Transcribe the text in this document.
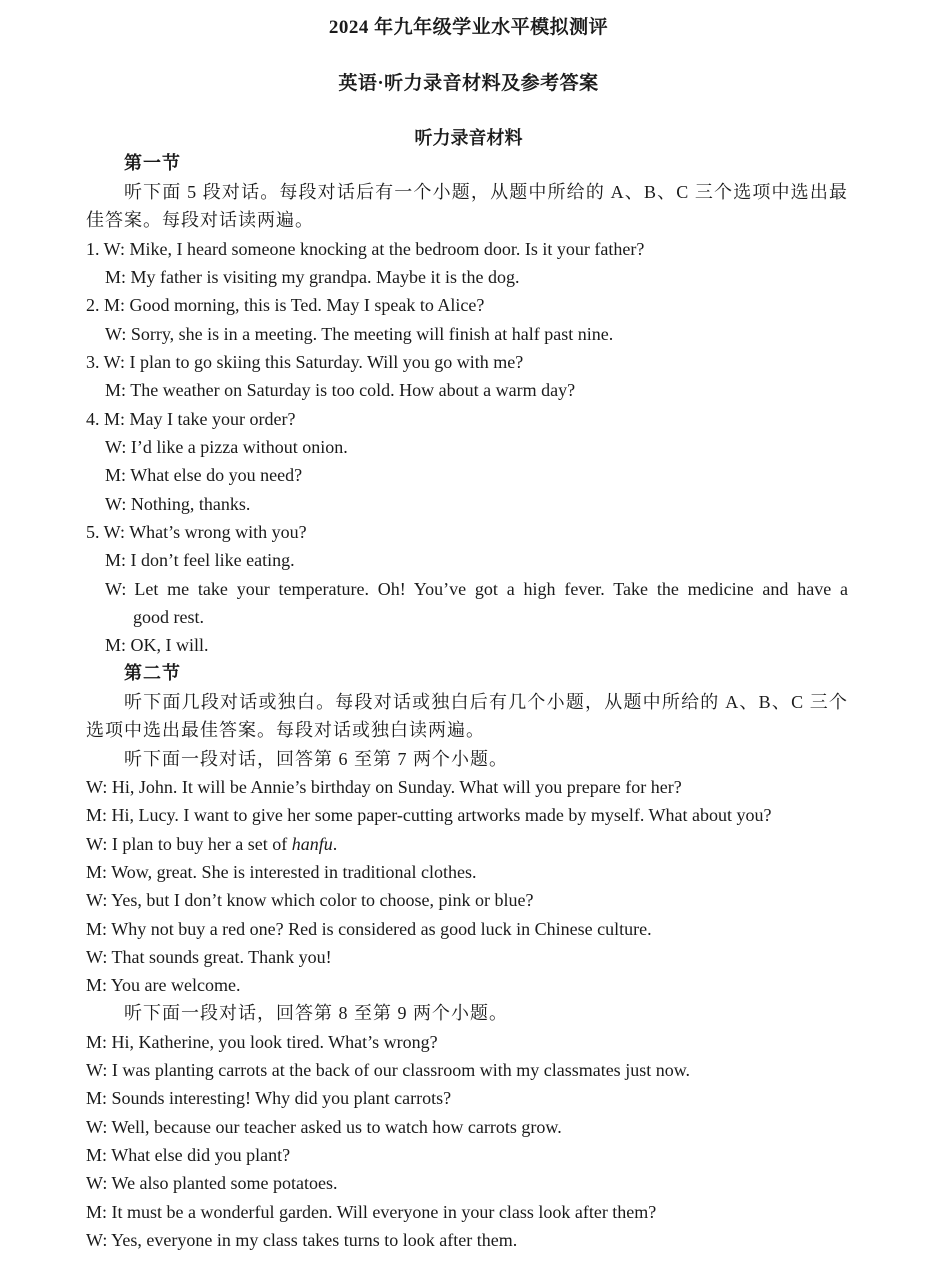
2024 年九年级学业水平模拟测评
英语·听力录音材料及参考答案
听力录音材料
第一节
听下面 5 段对话。每段对话后有一个小题，从题中所给的 A、B、C 三个选项中选出最
佳答案。每段对话读两遍。
1. W: Mike, I heard someone knocking at the bedroom door. Is it your father?
M: My father is visiting my grandpa. Maybe it is the dog.
2. M: Good morning, this is Ted. May I speak to Alice?
W: Sorry, she is in a meeting. The meeting will finish at half past nine.
3. W: I plan to go skiing this Saturday. Will you go with me?
M: The weather on Saturday is too cold. How about a warm day?
4. M: May I take your order?
W: I’d like a pizza without onion.
M: What else do you need?
W: Nothing, thanks.
5. W: What’s wrong with you?
M: I don’t feel like eating.
W: Let me take your temperature. Oh! You’ve got a high fever. Take the medicine and have a
good rest.
M: OK, I will.
第二节
听下面几段对话或独白。每段对话或独白后有几个小题，从题中所给的 A、B、C 三个
选项中选出最佳答案。每段对话或独白读两遍。
听下面一段对话，回答第 6 至第 7 两个小题。
W: Hi, John. It will be Annie’s birthday on Sunday. What will you prepare for her?
M: Hi, Lucy. I want to give her some paper-cutting artworks made by myself. What about you?
W: I plan to buy her a set of hanfu.
M: Wow, great. She is interested in traditional clothes.
W: Yes, but I don’t know which color to choose, pink or blue?
M: Why not buy a red one? Red is considered as good luck in Chinese culture.
W: That sounds great. Thank you!
M: You are welcome.
听下面一段对话，回答第 8 至第 9 两个小题。
M: Hi, Katherine, you look tired. What’s wrong?
W: I was planting carrots at the back of our classroom with my classmates just now.
M: Sounds interesting! Why did you plant carrots?
W: Well, because our teacher asked us to watch how carrots grow.
M: What else did you plant?
W: We also planted some potatoes.
M: It must be a wonderful garden. Will everyone in your class look after them?
W: Yes, everyone in my class takes turns to look after them.
